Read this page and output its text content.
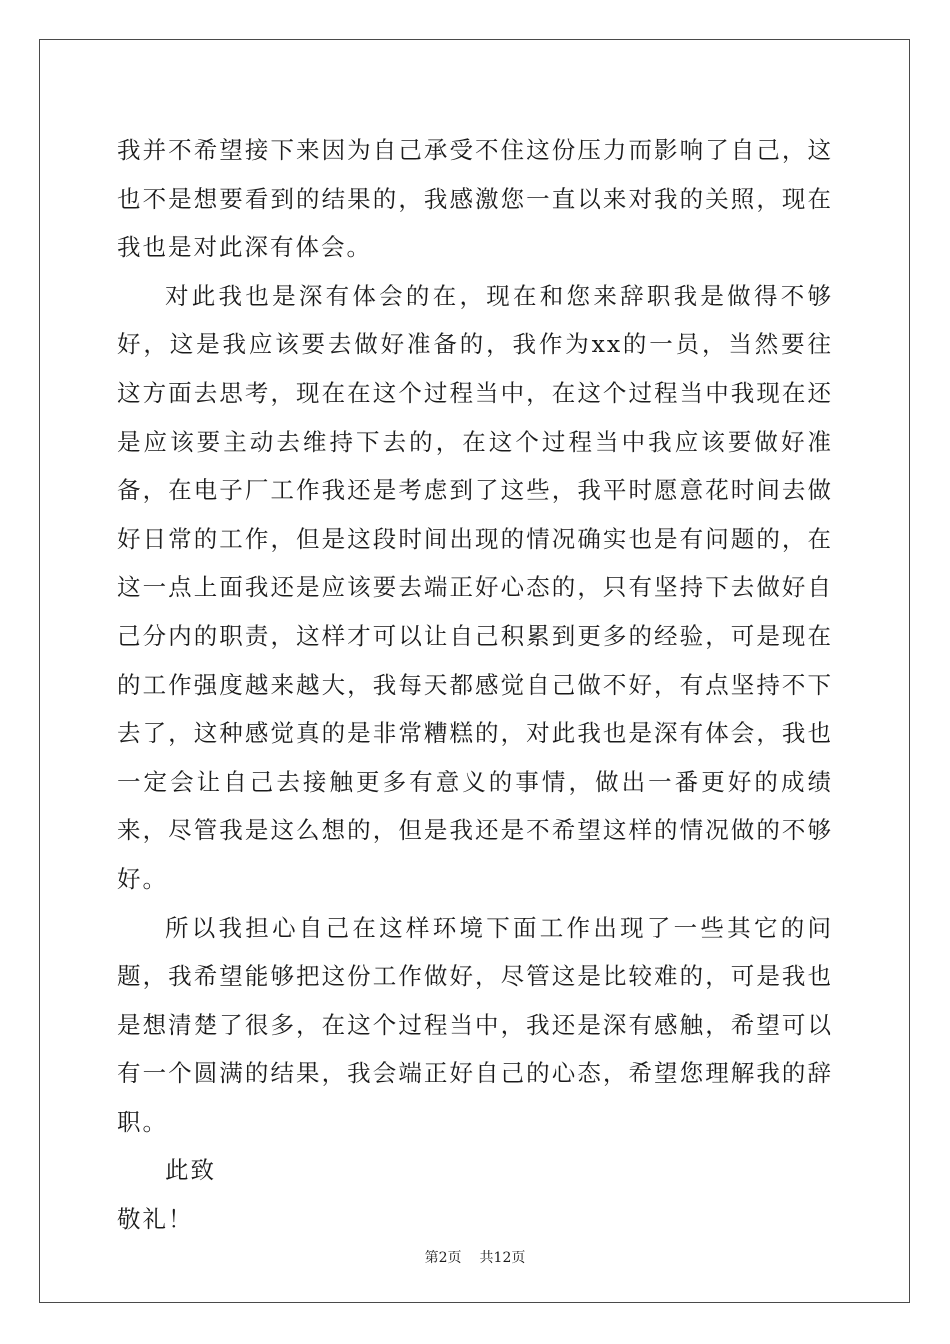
我并不希望接下来因为自己承受不住这份压力而影响了自己，这也不是想要看到的结果的，我感激您一直以来对我的关照，现在我也是对此深有体会。

对此我也是深有体会的在，现在和您来辞职我是做得不够好，这是我应该要去做好准备的，我作为xx的一员，当然要往这方面去思考，现在在这个过程当中，在这个过程当中我现在还是应该要主动去维持下去的，在这个过程当中我应该要做好准备，在电子厂工作我还是考虑到了这些，我平时愿意花时间去做好日常的工作，但是这段时间出现的情况确实也是有问题的，在这一点上面我还是应该要去端正好心态的，只有坚持下去做好自己分内的职责，这样才可以让自己积累到更多的经验，可是现在的工作强度越来越大，我每天都感觉自己做不好，有点坚持不下去了，这种感觉真的是非常糟糕的，对此我也是深有体会，我也一定会让自己去接触更多有意义的事情，做出一番更好的成绩来，尽管我是这么想的，但是我还是不希望这样的情况做的不够好。

所以我担心自己在这样环境下面工作出现了一些其它的问题，我希望能够把这份工作做好，尽管这是比较难的，可是我也是想清楚了很多，在这个过程当中，我还是深有感触，希望可以有一个圆满的结果，我会端正好自己的心态，希望您理解我的辞职。

此致

敬礼！

第2页 共12页
